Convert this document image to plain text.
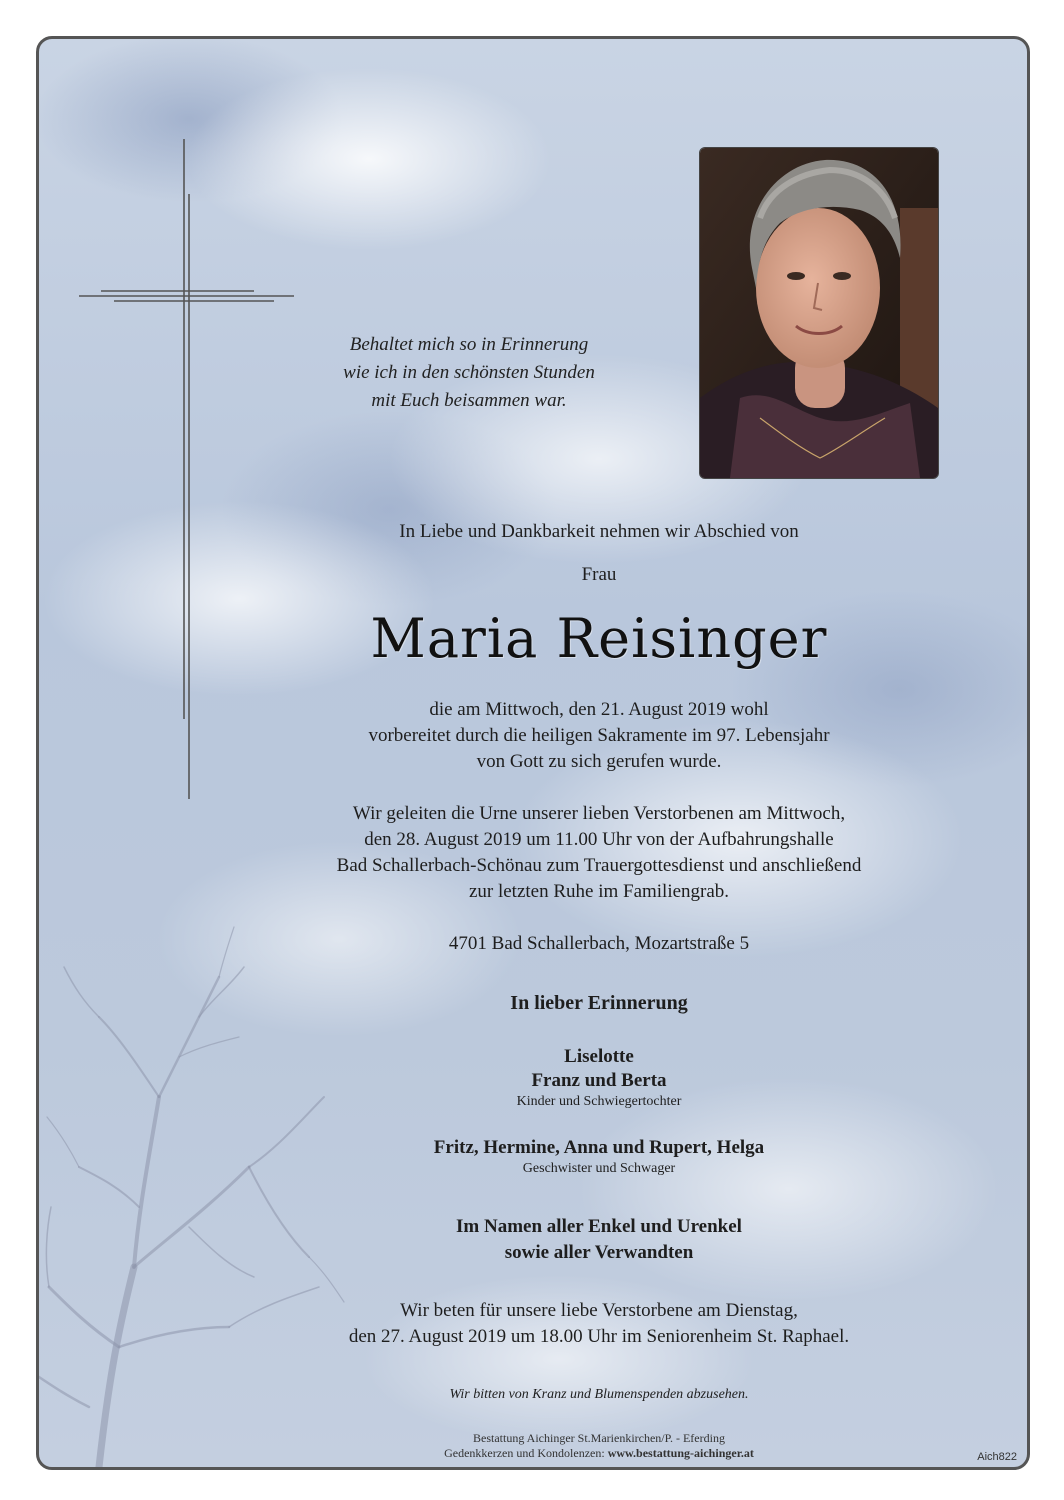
Behaltet mich so in Erinnerung
wie ich in den schönsten Stunden
mit Euch beisammen war.
In Liebe und Dankbarkeit nehmen wir Abschied von
Frau
Maria Reisinger
die am Mittwoch, den 21. August 2019 wohl
vorbereitet durch die heiligen Sakramente im 97. Lebensjahr
von Gott zu sich gerufen wurde.
Wir geleiten die Urne unserer lieben Verstorbenen am Mittwoch,
den 28. August 2019 um 11.00 Uhr von der Aufbahrungshalle
Bad Schallerbach-Schönau zum Trauergottesdienst und anschließend
zur letzten Ruhe im Familiengrab.
4701 Bad Schallerbach, Mozartstraße 5
In lieber Erinnerung
Liselotte
Franz und Berta
Kinder und Schwiegertochter
Fritz, Hermine, Anna und Rupert, Helga
Geschwister und Schwager
Im Namen aller Enkel und Urenkel
sowie aller Verwandten
Wir beten für unsere liebe Verstorbene am Dienstag,
den 27. August 2019 um 18.00 Uhr im Seniorenheim St. Raphael.
Wir bitten von Kranz und Blumenspenden abzusehen.
Bestattung Aichinger St.Marienkirchen/P. - Eferding
Gedenkkerzen und Kondolenzen: www.bestattung-aichinger.at	Aich822
